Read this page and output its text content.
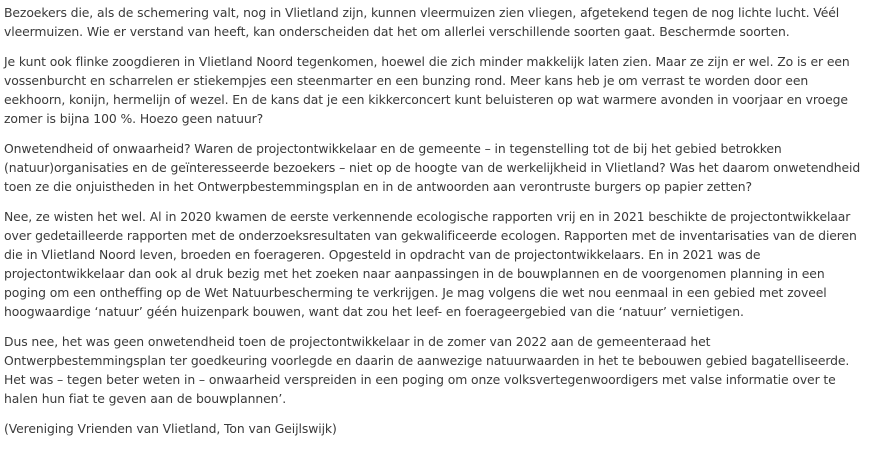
Bezoekers die, als de schemering valt, nog in Vlietland zijn, kunnen vleermuizen zien vliegen, afgetekend tegen de nog lichte lucht. Véél vleermuizen. Wie er verstand van heeft, kan onderscheiden dat het om allerlei verschillende soorten gaat. Beschermde soorten.

Je kunt ook flinke zoogdieren in Vlietland Noord tegenkomen, hoewel die zich minder makkelijk laten zien. Maar ze zijn er wel. Zo is er een vossenburcht en scharrelen er stiekempjes een steenmarter en een bunzing rond. Meer kans heb je om verrast te worden door een eekhoorn, konijn, hermelijn of wezel. En de kans dat je een kikkerconcert kunt beluisteren op wat warmere avonden in voorjaar en vroege zomer is bijna 100 %. Hoezo geen natuur?

Onwetendheid of onwaarheid? Waren de projectontwikkelaar en de gemeente – in tegenstelling tot de bij het gebied betrokken (natuur)organisaties en de geïnteresseerde bezoekers – niet op de hoogte van de werkelijkheid in Vlietland? Was het daarom onwetendheid toen ze die onjuistheden in het Ontwerpbestemmingsplan en in de antwoorden aan verontruste burgers op papier zetten?

Nee, ze wisten het wel. Al in 2020 kwamen de eerste verkennende ecologische rapporten vrij en in 2021 beschikte de projectontwikkelaar over gedetailleerde rapporten met de onderzoeksresultaten van gekwalificeerde ecologen. Rapporten met de inventarisaties van de dieren die in Vlietland Noord leven, broeden en foerageren. Opgesteld in opdracht van de projectontwikkelaars. En in 2021 was de projectontwikkelaar dan ook al druk bezig met het zoeken naar aanpassingen in de bouwplannen en de voorgenomen planning in een poging om een ontheffing op de Wet Natuurbescherming te verkrijgen. Je mag volgens die wet nou eenmaal in een gebied met zoveel hoogwaardige ‘natuur’ géén huizenpark bouwen, want dat zou het leef- en foerageergebied van die ‘natuur’ vernietigen.

Dus nee, het was geen onwetendheid toen de projectontwikkelaar in de zomer van 2022 aan de gemeenteraad het Ontwerpbestemmingsplan ter goedkeuring voorlegde en daarin de aanwezige natuurwaarden in het te bebouwen gebied bagatelliseerde. Het was – tegen beter weten in – onwaarheid verspreiden in een poging om onze volksvertegenwoordigers met valse informatie over te halen hun fiat te geven aan de bouwplannen’.

(Vereniging Vrienden van Vlietland, Ton van Geijlswijk)
